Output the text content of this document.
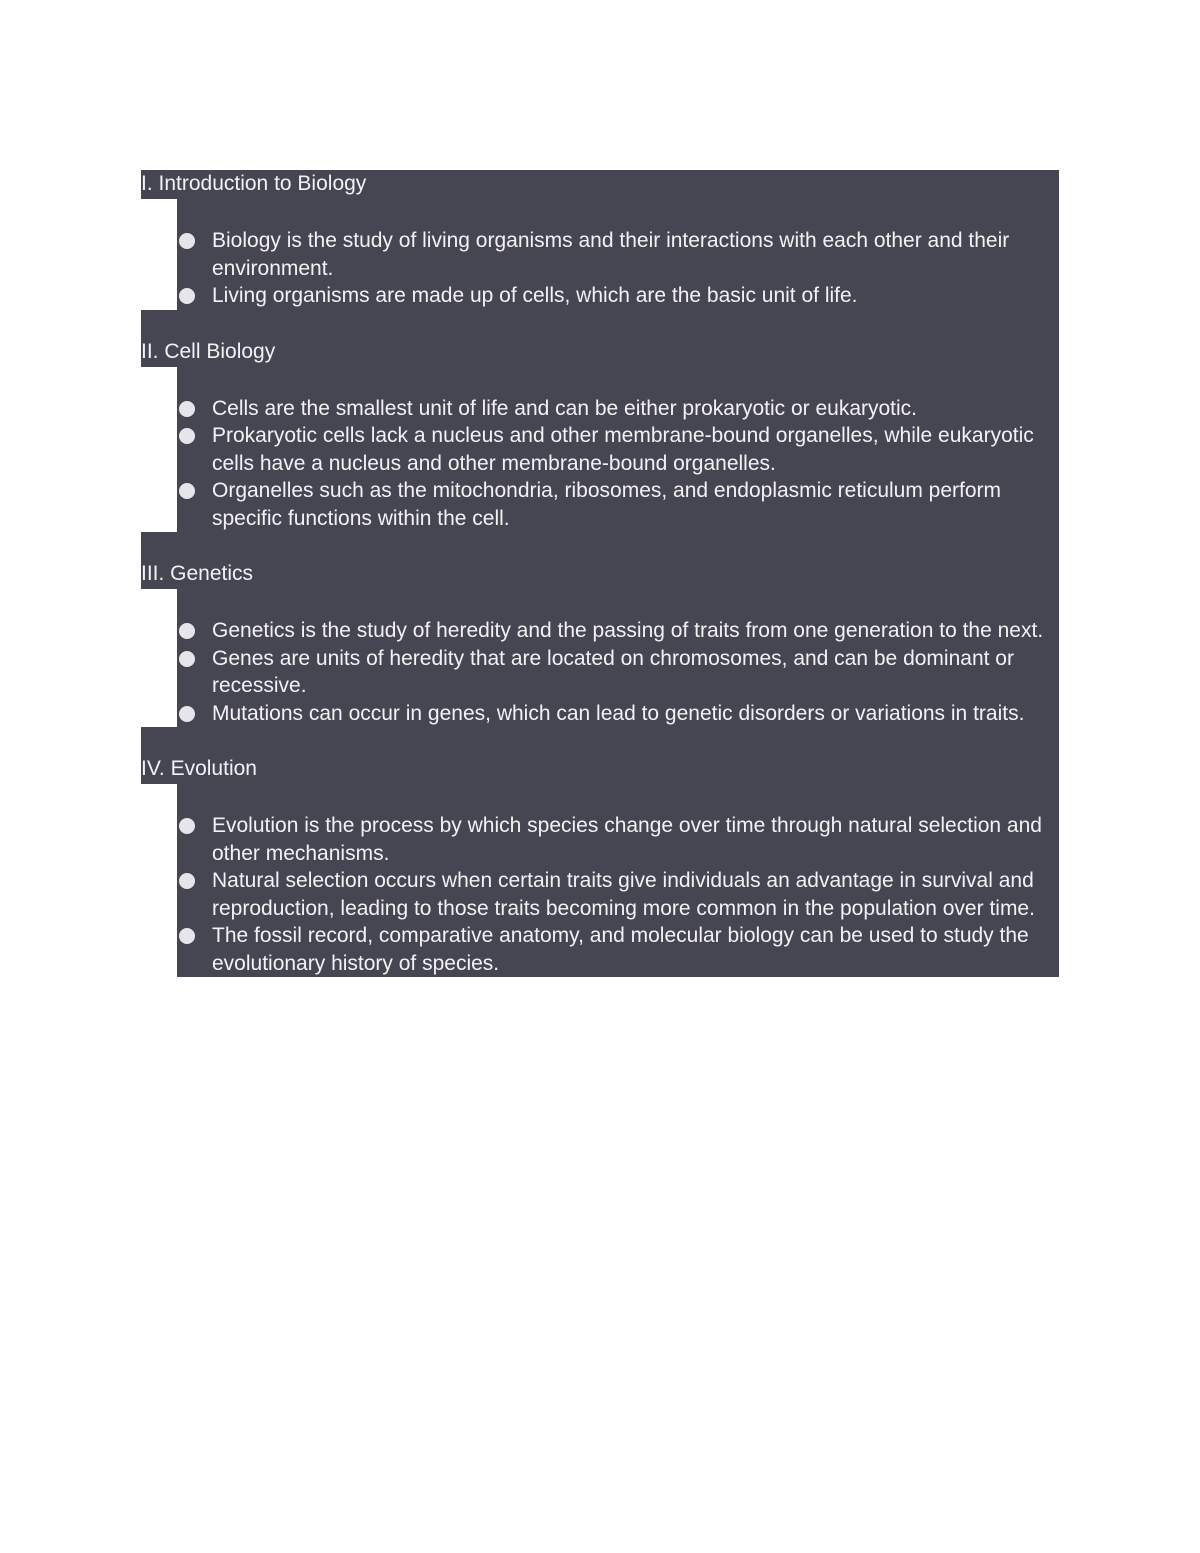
I. Introduction to Biology
Biology is the study of living organisms and their interactions with each other and their environment.
Living organisms are made up of cells, which are the basic unit of life.
II. Cell Biology
Cells are the smallest unit of life and can be either prokaryotic or eukaryotic.
Prokaryotic cells lack a nucleus and other membrane-bound organelles, while eukaryotic cells have a nucleus and other membrane-bound organelles.
Organelles such as the mitochondria, ribosomes, and endoplasmic reticulum perform specific functions within the cell.
III. Genetics
Genetics is the study of heredity and the passing of traits from one generation to the next.
Genes are units of heredity that are located on chromosomes, and can be dominant or recessive.
Mutations can occur in genes, which can lead to genetic disorders or variations in traits.
IV. Evolution
Evolution is the process by which species change over time through natural selection and other mechanisms.
Natural selection occurs when certain traits give individuals an advantage in survival and reproduction, leading to those traits becoming more common in the population over time.
The fossil record, comparative anatomy, and molecular biology can be used to study the evolutionary history of species.
